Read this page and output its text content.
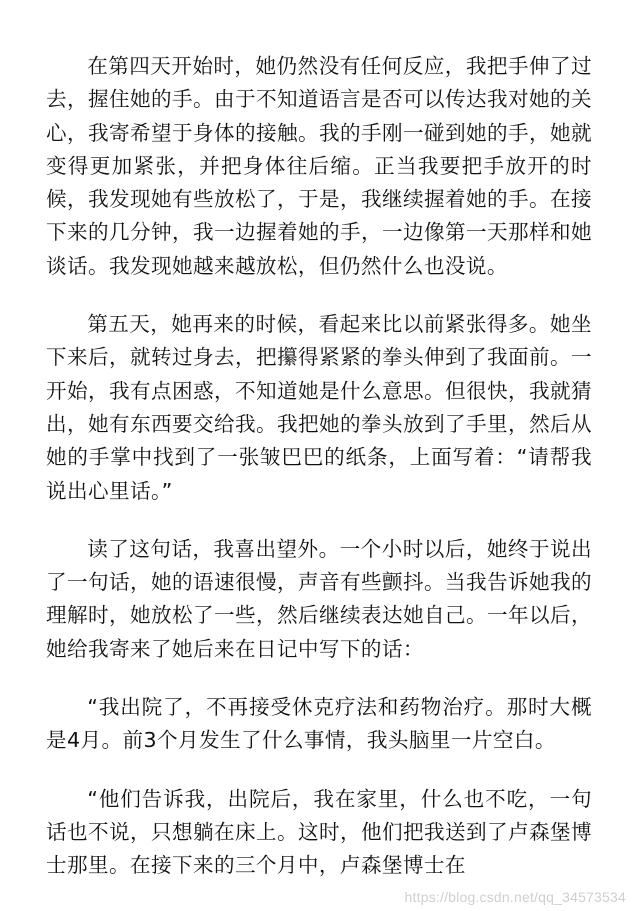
在第四天开始时，她仍然没有任何反应，我把手伸了过去，握住她的手。由于不知道语言是否可以传达我对她的关心，我寄希望于身体的接触。我的手刚一碰到她的手，她就变得更加紧张，并把身体往后缩。正当我要把手放开的时候，我发现她有些放松了，于是，我继续握着她的手。在接下来的几分钟，我一边握着她的手，一边像第一天那样和她谈话。我发现她越来越放松，但仍然什么也没说。

第五天，她再来的时候，看起来比以前紧张得多。她坐下来后，就转过身去，把攥得紧紧的拳头伸到了我面前。一开始，我有点困惑，不知道她是什么意思。但很快，我就猜出，她有东西要交给我。我把她的拳头放到了手里，然后从她的手掌中找到了一张皱巴巴的纸条，上面写着：“请帮我说出心里话。”

读了这句话，我喜出望外。一个小时以后，她终于说出了一句话，她的语速很慢，声音有些颤抖。当我告诉她我的理解时，她放松了一些，然后继续表达她自己。一年以后，她给我寄来了她后来在日记中写下的话：

“我出院了，不再接受休克疗法和药物治疗。那时大概是4月。前3个月发生了什么事情，我头脑里一片空白。

“他们告诉我，出院后，我在家里，什么也不吃，一句话也不说，只想躺在床上。这时，他们把我送到了卢森堡博士那里。在接下来的三个月中，卢森堡博士在

https://blog.csdn.net/qq_34573534
